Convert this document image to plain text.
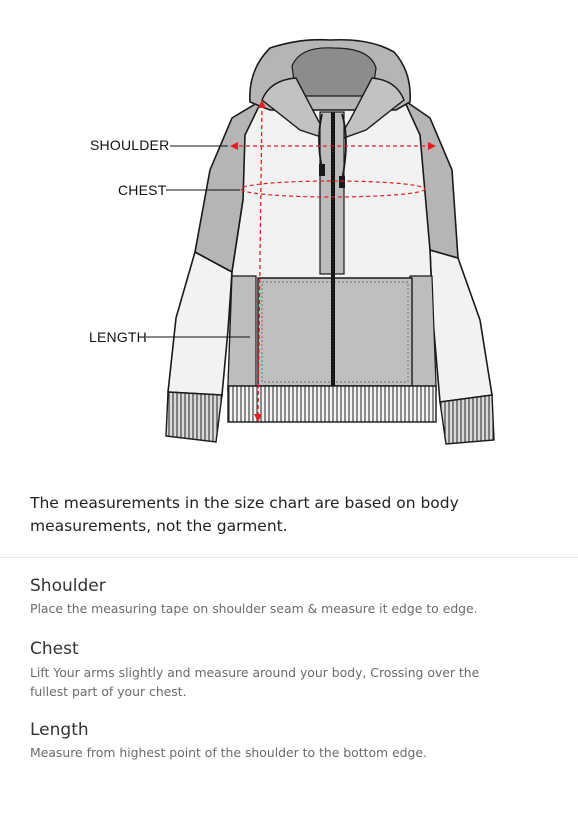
SHOULDER
CHEST
LENGTH
The measurements in the size chart are based on body measurements, not the garment.
Shoulder
Place the measuring tape on shoulder seam & measure it edge to edge.
Chest
Lift Your arms slightly and measure around your body, Crossing over the fullest part of your chest.
Length
Measure from highest point of the shoulder to the bottom edge.
